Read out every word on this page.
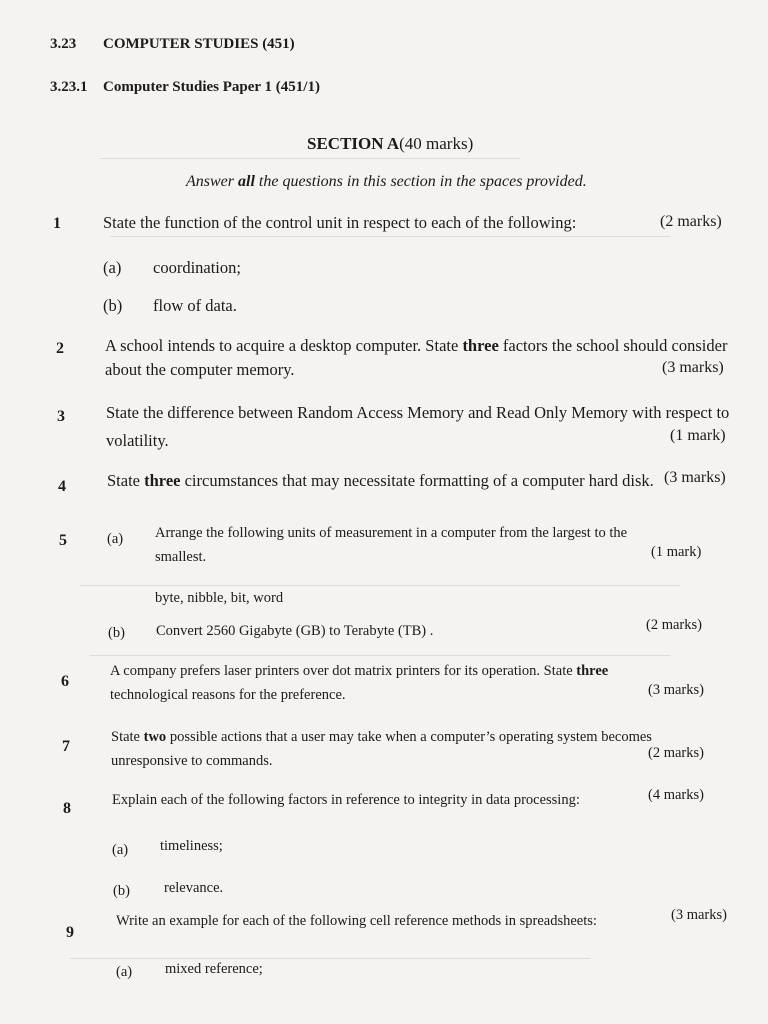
3.23 COMPUTER STUDIES (451)
3.23.1 Computer Studies Paper 1 (451/1)
SECTION A(40 marks)
Answer all the questions in this section in the spaces provided.
1	State the function of the control unit in respect to each of the following:	(2 marks)
(a) coordination;
(b) flow of data.
2 A school intends to acquire a desktop computer. State three factors the school should consider
about the computer memory.	(3 marks)
3 State the difference between Random Access Memory and Read Only Memory with respect to
volatility.	(1 mark)
4 State three circumstances that may necessitate formatting of a computer hard disk. (3 marks)
5	(a) Arrange the following units of measurement in a computer from the largest to the
smallest.	(1 mark)
byte, nibble, bit, word
(b) Convert 2560 Gigabyte (GB) to Terabyte (TB) .	(2 marks)
6
A company prefers laser printers over dot matrix printers for its operation. State three
technological reasons for the preference.	(3 marks)
7
State two possible actions that a user may take when a computer’s operating system becomes
unresponsive to commands.	(2 marks)
8	Explain each of the following factors in reference to integrity in data processing:	(4 marks)
(a) timeliness;
(b) relevance.
9
Write an example for each of the following cell reference methods in spreadsheets:	(3 marks)
(a) mixed reference;
